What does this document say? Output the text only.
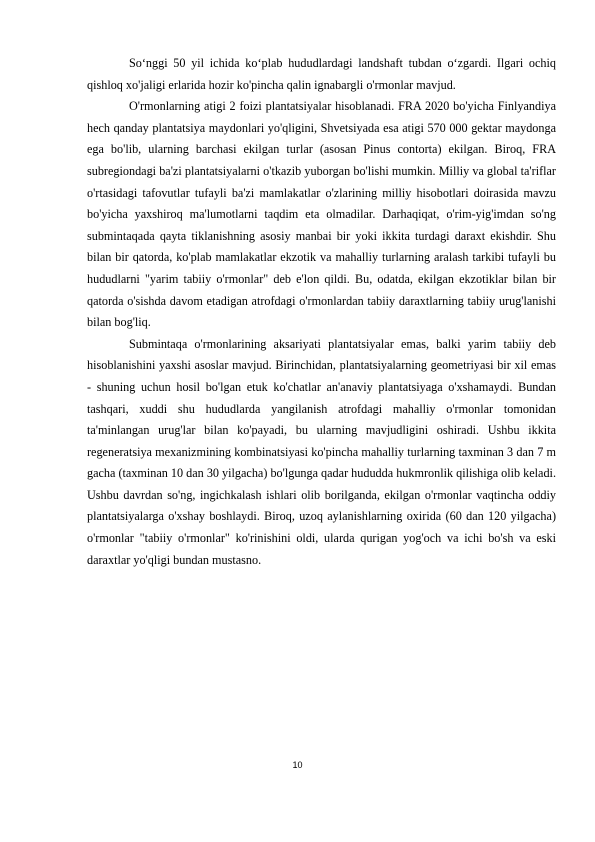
So‘nggi 50 yil ichida ko‘plab hududlardagi landshaft tubdan o‘zgardi. Ilgari ochiq qishloq xo'jaligi erlarida hozir ko'pincha qalin ignabargli o'rmonlar mavjud.

O'rmonlarning atigi 2 foizi plantatsiyalar hisoblanadi. FRA 2020 bo'yicha Finlyandiya hech qanday plantatsiya maydonlari yo'qligini, Shvetsiyada esa atigi 570 000 gektar maydonga ega bo'lib, ularning barchasi ekilgan turlar (asosan Pinus contorta) ekilgan. Biroq, FRA subregiondagi ba'zi plantatsiyalarni o'tkazib yuborgan bo'lishi mumkin. Milliy va global ta'riflar o'rtasidagi tafovutlar tufayli ba'zi mamlakatlar o'zlarining milliy hisobotlari doirasida mavzu bo'yicha yaxshiroq ma'lumotlarni taqdim eta olmadilar. Darhaqiqat, o'rim-yig'imdan so'ng submintaqada qayta tiklanishning asosiy manbai bir yoki ikkita turdagi daraxt ekishdir. Shu bilan bir qatorda, ko'plab mamlakatlar ekzotik va mahalliy turlarning aralash tarkibi tufayli bu hududlarni "yarim tabiiy o'rmonlar" deb e'lon qildi. Bu, odatda, ekilgan ekzotiklar bilan bir qatorda o'sishda davom etadigan atrofdagi o'rmonlardan tabiiy daraxtlarning tabiiy urug'lanishi bilan bog'liq.

Submintaqa o'rmonlarining aksariyati plantatsiyalar emas, balki yarim tabiiy deb hisoblanishini yaxshi asoslar mavjud. Birinchidan, plantatsiyalarning geometriyasi bir xil emas - shuning uchun hosil bo'lgan etuk ko'chatlar an'anaviy plantatsiyaga o'xshamaydi. Bundan tashqari, xuddi shu hududlarda yangilanish atrofdagi mahalliy o'rmonlar tomonidan ta'minlangan urug'lar bilan ko'payadi, bu ularning mavjudligini oshiradi. Ushbu ikkita regeneratsiya mexanizmining kombinatsiyasi ko'pincha mahalliy turlarning taxminan 3 dan 7 m gacha (taxminan 10 dan 30 yilgacha) bo'lgunga qadar hududda hukmronlik qilishiga olib keladi. Ushbu davrdan so'ng, ingichkalash ishlari olib borilganda, ekilgan o'rmonlar vaqtincha oddiy plantatsiyalarga o'xshay boshlaydi. Biroq, uzoq aylanishlarning oxirida (60 dan 120 yilgacha) o'rmonlar "tabiiy o'rmonlar" ko'rinishini oldi, ularda qurigan yog'och va ichi bo'sh va eski daraxtlar yo'qligi bundan mustasno.

10
